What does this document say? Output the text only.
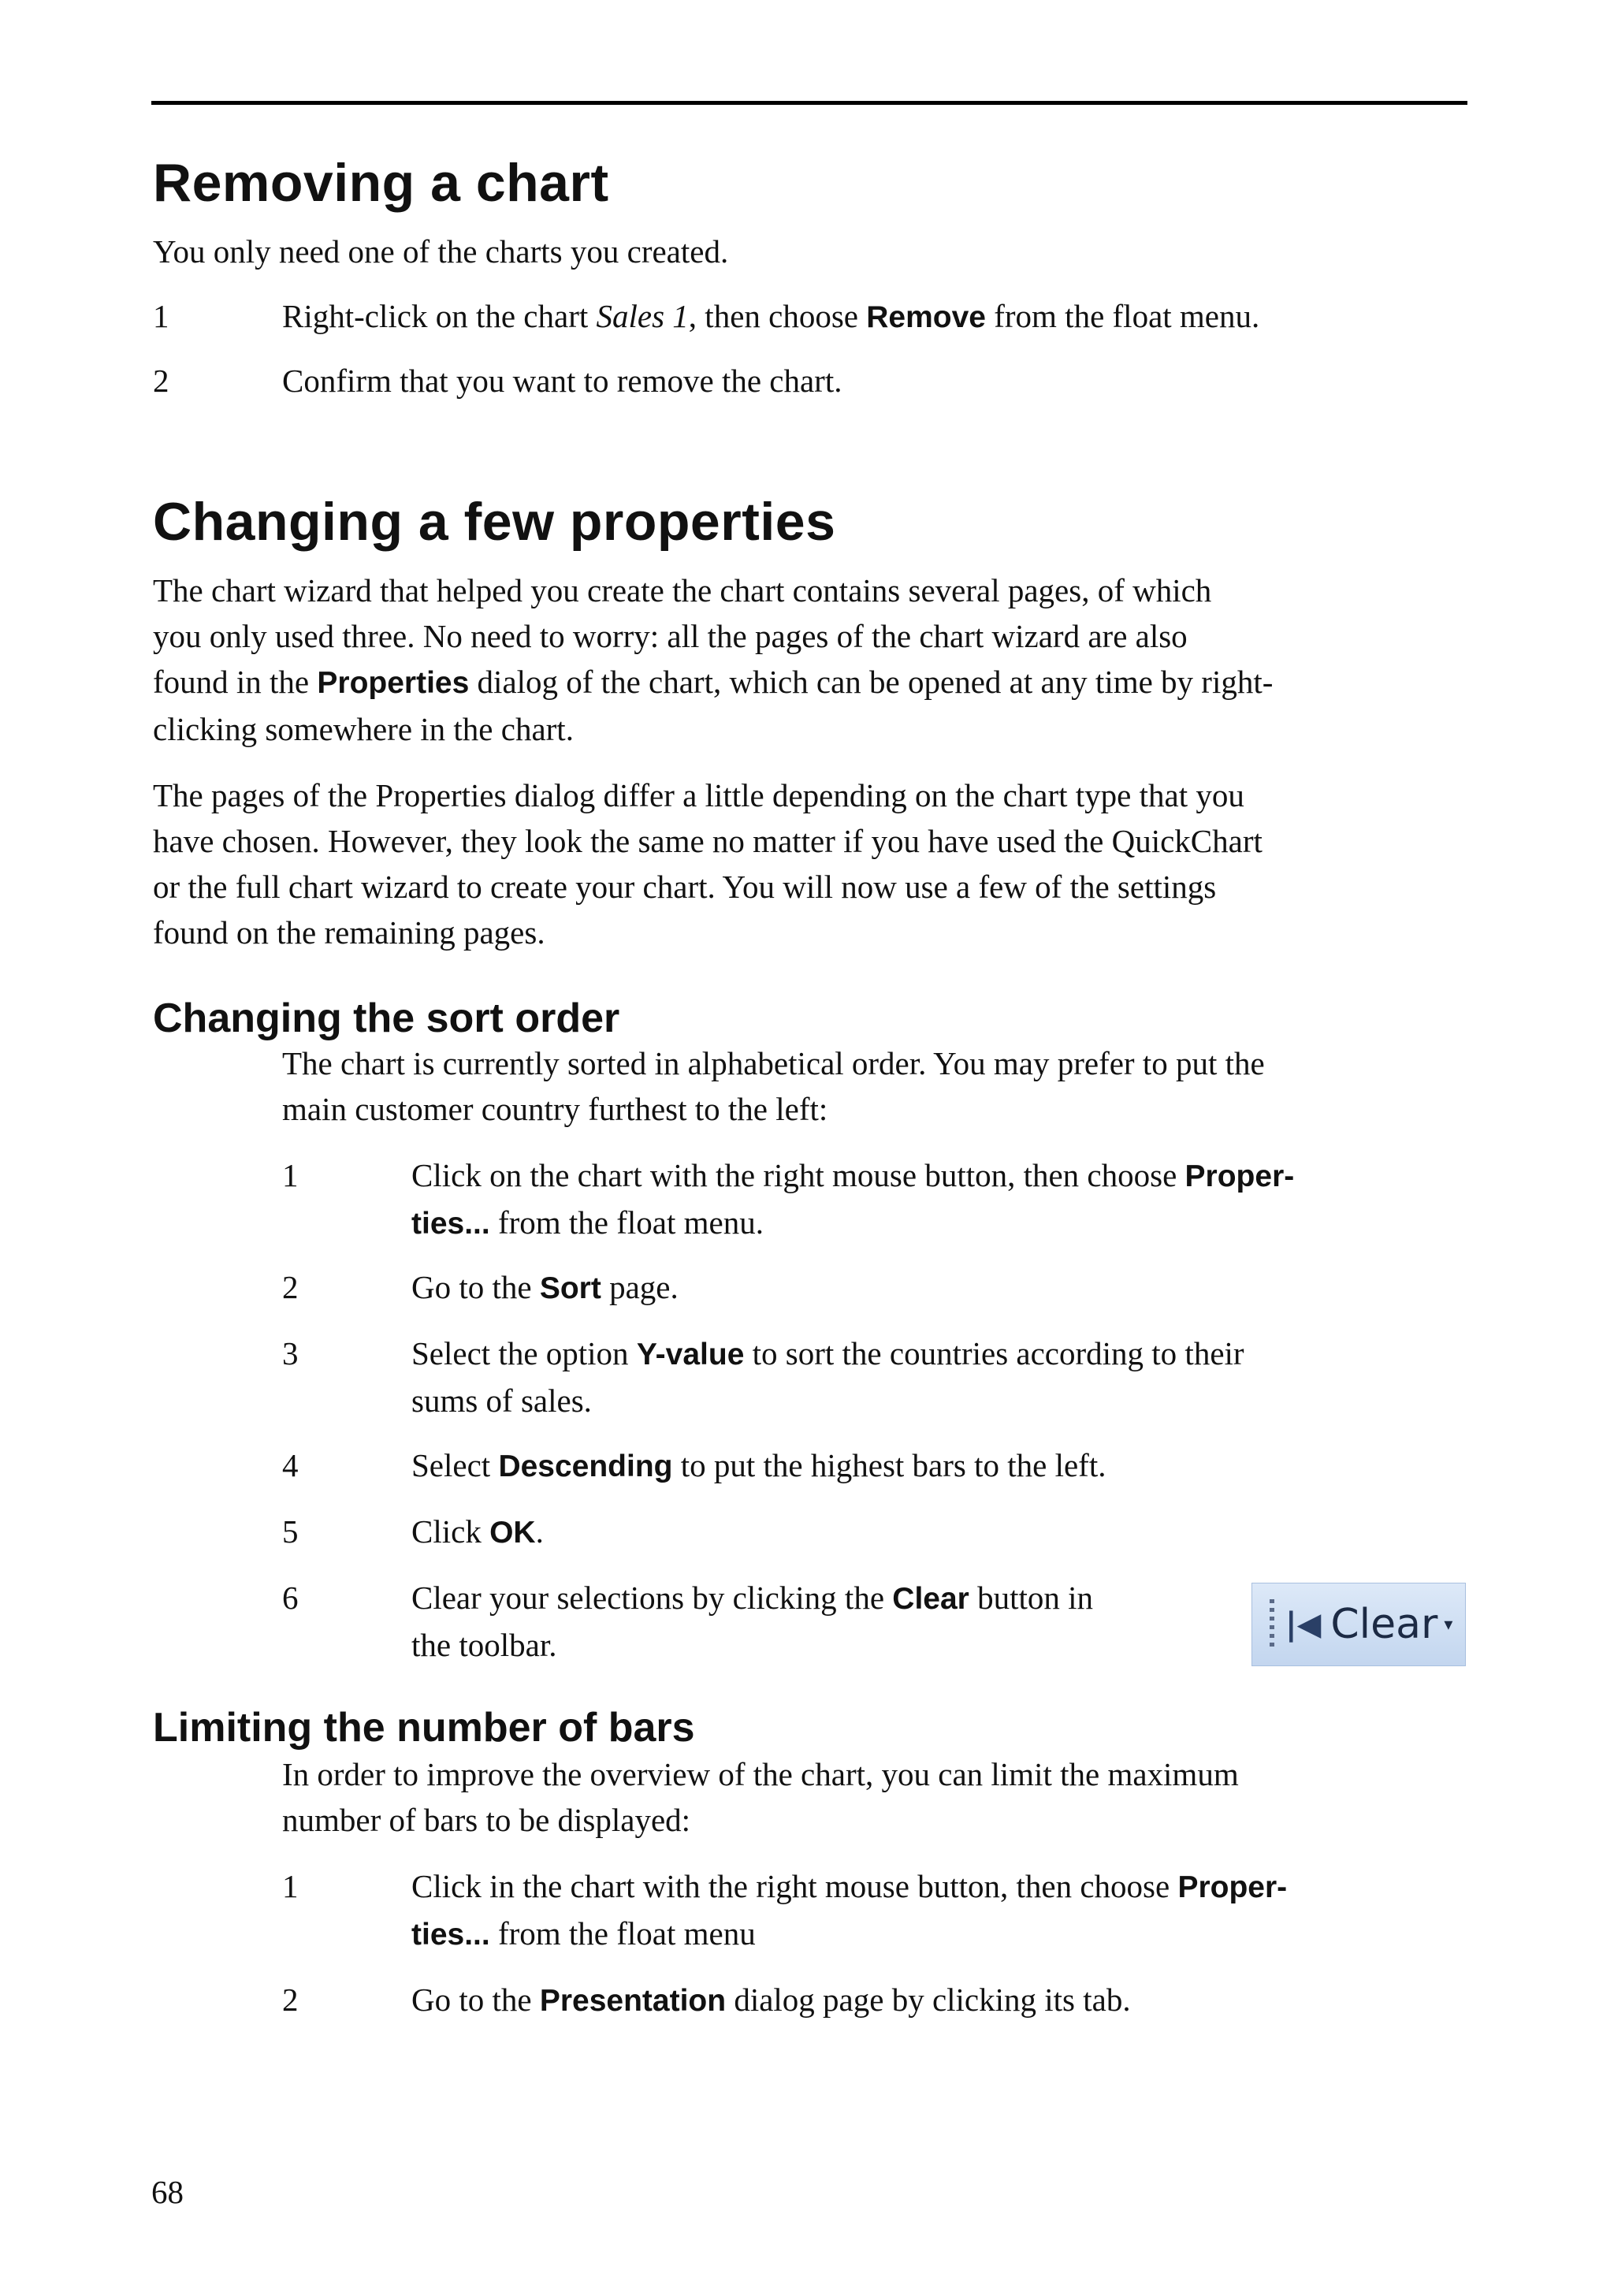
Removing a chart

You only need one of the charts you created.

1	Right-click on the chart Sales 1, then choose Remove from the float menu.
2	Confirm that you want to remove the chart.
Changing a few properties
The chart wizard that helped you create the chart contains several pages, of which
you only used three. No need to worry: all the pages of the chart wizard are also
found in the Properties dialog of the chart, which can be opened at any time by right-
clicking somewhere in the chart.
The pages of the Properties dialog differ a little depending on the chart type that you
have chosen. However, they look the same no matter if you have used the QuickChart
or the full chart wizard to create your chart. You will now use a few of the settings
found on the remaining pages.
Changing the sort order
The chart is currently sorted in alphabetical order. You may prefer to put the
main customer country furthest to the left:
1	Click on the chart with the right mouse button, then choose Proper-
ties... from the float menu.
2	Go to the Sort page.
3	Select the option Y-value to sort the countries according to their
sums of sales.
4	Select Descending to put the highest bars to the left.
5	Click OK.
6	Clear your selections by clicking the Clear button in
the toolbar.
|◀ Clear ▾
Limiting the number of bars
In order to improve the overview of the chart, you can limit the maximum
number of bars to be displayed:
1	Click in the chart with the right mouse button, then choose Proper-
ties... from the float menu
2	Go to the Presentation dialog page by clicking its tab.
68
